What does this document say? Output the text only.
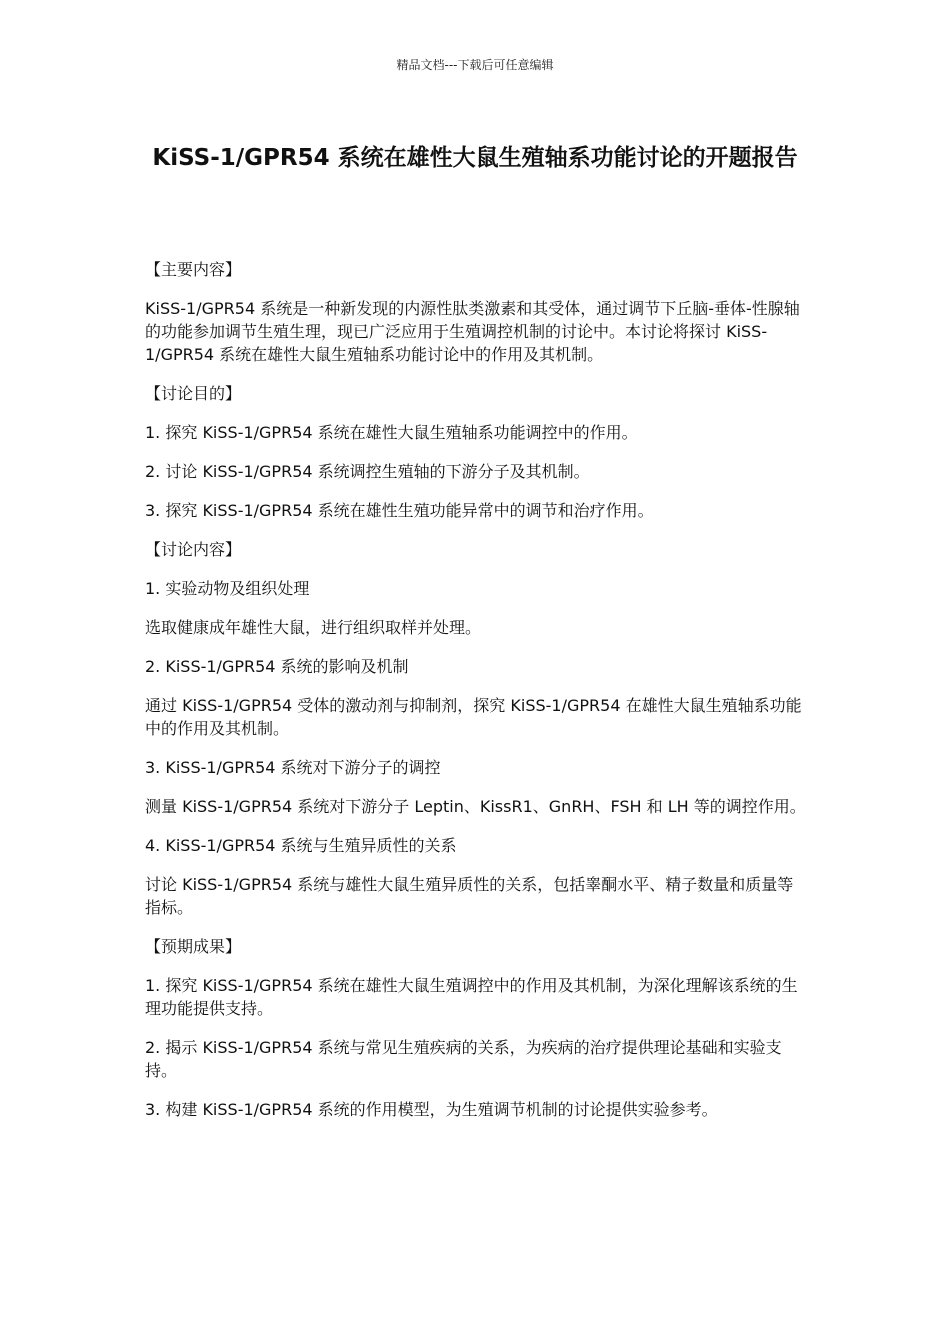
精品文档---下载后可任意编辑
KiSS-1/GPR54 系统在雄性大鼠生殖轴系功能讨论的开题报告

【主要内容】

KiSS-1/GPR54 系统是一种新发现的内源性肽类激素和其受体，通过调节下丘脑-垂体-性腺轴的功能参加调节生殖生理，现已广泛应用于生殖调控机制的讨论中。本讨论将探讨 KiSS-1/GPR54 系统在雄性大鼠生殖轴系功能讨论中的作用及其机制。

【讨论目的】

1. 探究 KiSS-1/GPR54 系统在雄性大鼠生殖轴系功能调控中的作用。

2. 讨论 KiSS-1/GPR54 系统调控生殖轴的下游分子及其机制。

3. 探究 KiSS-1/GPR54 系统在雄性生殖功能异常中的调节和治疗作用。

【讨论内容】

1. 实验动物及组织处理

选取健康成年雄性大鼠，进行组织取样并处理。

2. KiSS-1/GPR54 系统的影响及机制

通过 KiSS-1/GPR54 受体的激动剂与抑制剂，探究 KiSS-1/GPR54 在雄性大鼠生殖轴系功能中的作用及其机制。

3. KiSS-1/GPR54 系统对下游分子的调控

测量 KiSS-1/GPR54 系统对下游分子 Leptin、KissR1、GnRH、FSH 和 LH 等的调控作用。

4. KiSS-1/GPR54 系统与生殖异质性的关系

讨论 KiSS-1/GPR54 系统与雄性大鼠生殖异质性的关系，包括睾酮水平、精子数量和质量等指标。

【预期成果】

1. 探究 KiSS-1/GPR54 系统在雄性大鼠生殖调控中的作用及其机制，为深化理解该系统的生理功能提供支持。

2. 揭示 KiSS-1/GPR54 系统与常见生殖疾病的关系，为疾病的治疗提供理论基础和实验支持。

3. 构建 KiSS-1/GPR54 系统的作用模型，为生殖调节机制的讨论提供实验参考。
